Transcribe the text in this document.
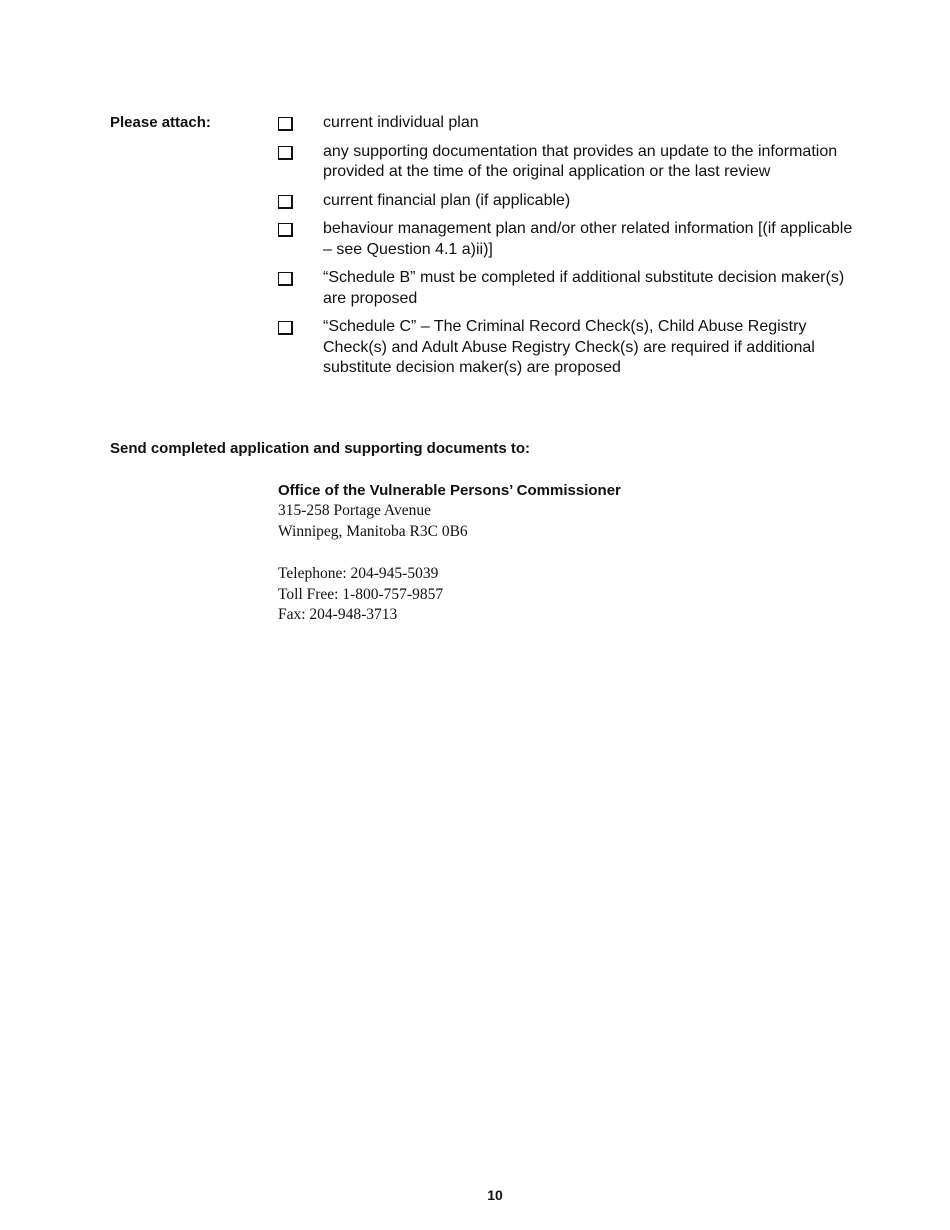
Please attach:	current individual plan
any supporting documentation that provides an update to the information provided at the time of the original application or the last review
current financial plan (if applicable)
behaviour management plan and/or other related information [(if applicable – see Question 4.1 a)ii)]
“Schedule B” must be completed if additional substitute decision maker(s) are proposed
“Schedule C” – The Criminal Record Check(s), Child Abuse Registry Check(s) and Adult Abuse Registry Check(s) are required if additional substitute decision maker(s) are proposed
Send completed application and supporting documents to:
Office of the Vulnerable Persons’ Commissioner
315-258 Portage Avenue
Winnipeg, Manitoba R3C 0B6
Telephone: 204-945-5039
Toll Free: 1-800-757-9857
Fax: 204-948-3713
10
